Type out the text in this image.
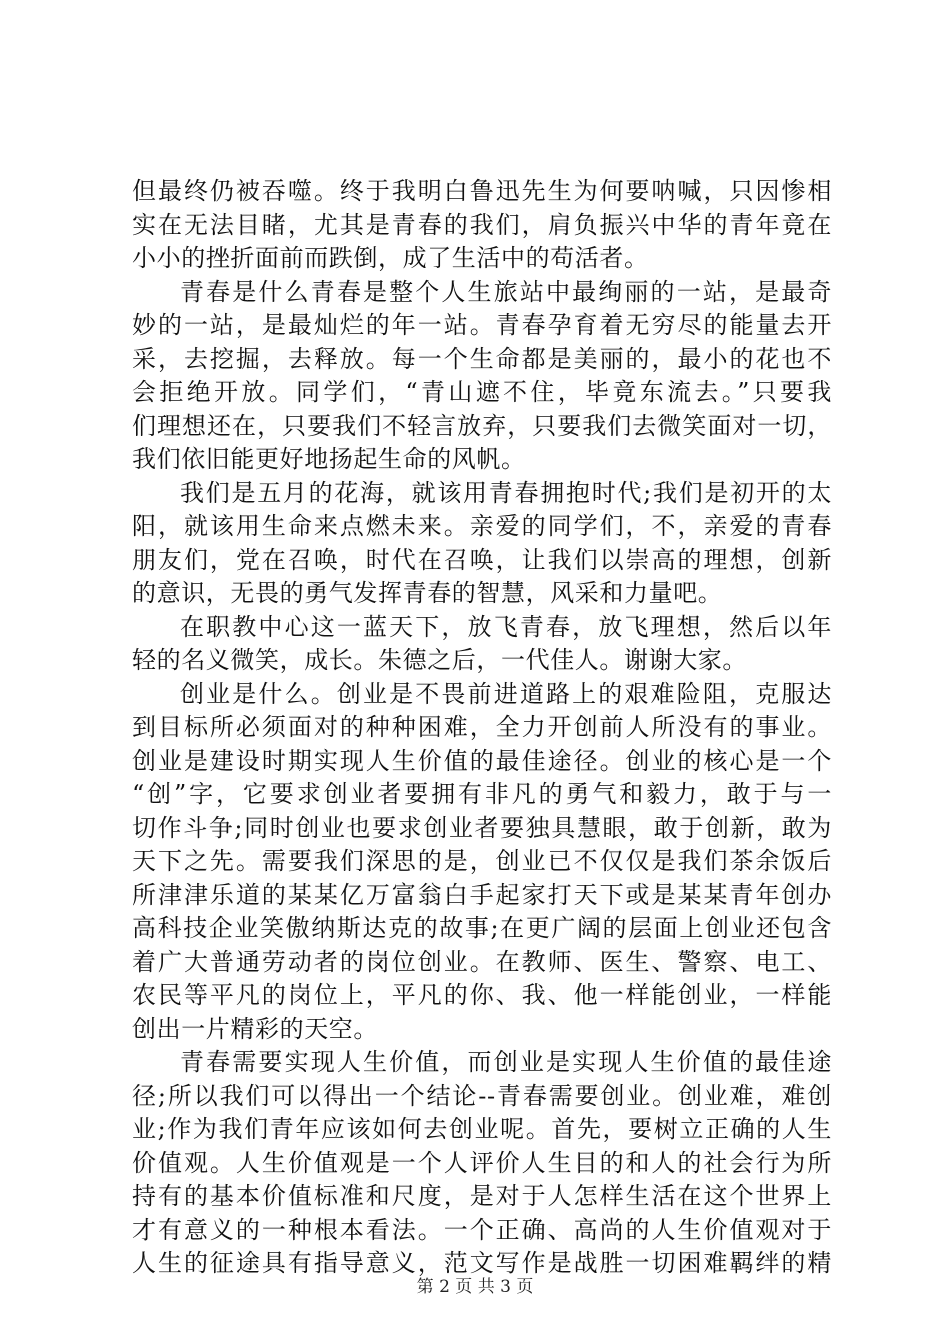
但最终仍被吞噬。终于我明白鲁迅先生为何要呐喊，只因惨相
实在无法目睹，尤其是青春的我们，肩负振兴中华的青年竟在
小小的挫折面前而跌倒，成了生活中的苟活者。
青春是什么青春是整个人生旅站中最绚丽的一站，是最奇
妙的一站，是最灿烂的年一站。青春孕育着无穷尽的能量去开
采，去挖掘，去释放。每一个生命都是美丽的，最小的花也不
会拒绝开放。同学们，“青山遮不住，毕竟东流去。”只要我
们理想还在，只要我们不轻言放弃，只要我们去微笑面对一切，
我们依旧能更好地扬起生命的风帆。
我们是五月的花海，就该用青春拥抱时代;我们是初开的太
阳，就该用生命来点燃未来。亲爱的同学们，不，亲爱的青春
朋友们，党在召唤，时代在召唤，让我们以崇高的理想，创新
的意识，无畏的勇气发挥青春的智慧，风采和力量吧。
在职教中心这一蓝天下，放飞青春，放飞理想，然后以年
轻的名义微笑，成长。朱德之后，一代佳人。谢谢大家。
创业是什么。创业是不畏前进道路上的艰难险阻，克服达
到目标所必须面对的种种困难，全力开创前人所没有的事业。
创业是建设时期实现人生价值的最佳途径。创业的核心是一个
“创”字，它要求创业者要拥有非凡的勇气和毅力，敢于与一
切作斗争;同时创业也要求创业者要独具慧眼，敢于创新，敢为
天下之先。需要我们深思的是，创业已不仅仅是我们茶余饭后
所津津乐道的某某亿万富翁白手起家打天下或是某某青年创办
高科技企业笑傲纳斯达克的故事;在更广阔的层面上创业还包含
着广大普通劳动者的岗位创业。在教师、医生、警察、电工、
农民等平凡的岗位上，平凡的你、我、他一样能创业，一样能
创出一片精彩的天空。
青春需要实现人生价值，而创业是实现人生价值的最佳途
径;所以我们可以得出一个结论--青春需要创业。创业难，难创
业;作为我们青年应该如何去创业呢。首先，要树立正确的人生
价值观。人生价值观是一个人评价人生目的和人的社会行为所
持有的基本价值标准和尺度，是对于人怎样生活在这个世界上
才有意义的一种根本看法。一个正确、高尚的人生价值观对于
人生的征途具有指导意义，范文写作是战胜一切困难羁绊的精
第 2 页 共 3 页
